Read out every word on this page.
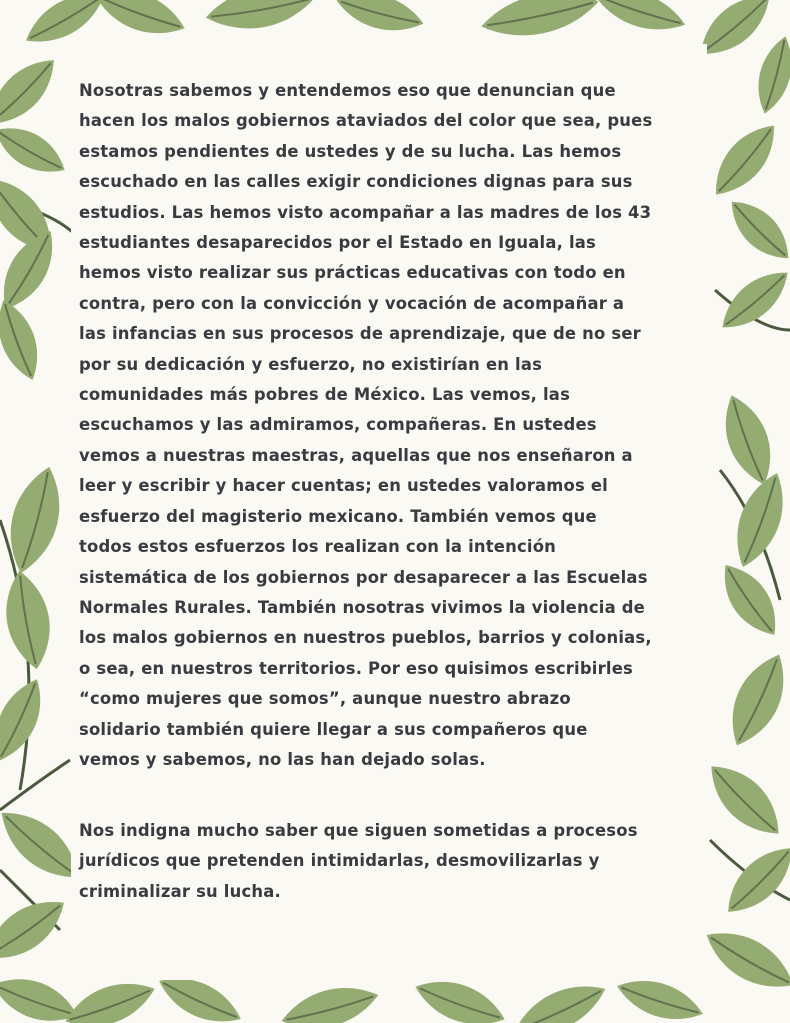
Nosotras sabemos y entendemos eso que denuncian que
hacen los malos gobiernos ataviados del color que sea, pues
estamos pendientes de ustedes y de su lucha. Las hemos
escuchado en las calles exigir condiciones dignas para sus
estudios. Las hemos visto acompañar a las madres de los 43
estudiantes desaparecidos por el Estado en Iguala, las
hemos visto realizar sus prácticas educativas con todo en
contra, pero con la convicción y vocación de acompañar a
las infancias en sus procesos de aprendizaje, que de no ser
por su dedicación y esfuerzo, no existirían en las
comunidades más pobres de México. Las vemos, las
escuchamos y las admiramos, compañeras. En ustedes
vemos a nuestras maestras, aquellas que nos enseñaron a
leer y escribir y hacer cuentas; en ustedes valoramos el
esfuerzo del magisterio mexicano. También vemos que
todos estos esfuerzos los realizan con la intención
sistemática de los gobiernos por desaparecer a las Escuelas
Normales Rurales. También nosotras vivimos la violencia de
los malos gobiernos en nuestros pueblos, barrios y colonias,
o sea, en nuestros territorios. Por eso quisimos escribirles
“como mujeres que somos”, aunque nuestro abrazo
solidario también quiere llegar a sus compañeros que
vemos y sabemos, no las han dejado solas.

Nos indigna mucho saber que siguen sometidas a procesos
jurídicos que pretenden intimidarlas, desmovilizarlas y
criminalizar su lucha.
